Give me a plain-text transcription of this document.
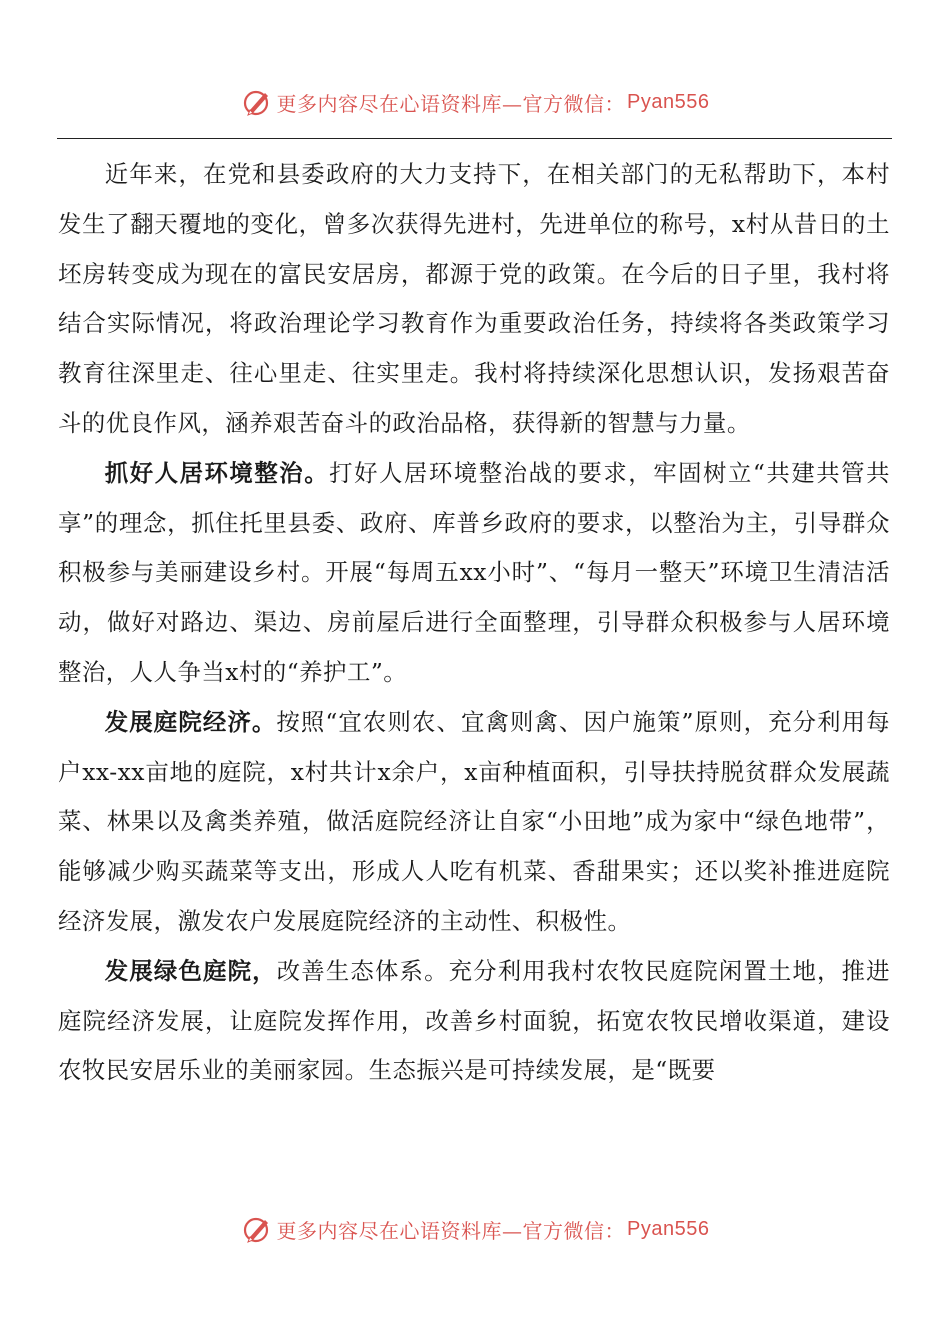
更多内容尽在心语资料库—官方微信： Pyan556

近年来，在党和县委政府的大力支持下，在相关部门的无私帮助下，本村发生了翻天覆地的变化，曾多次获得先进村，先进单位的称号，x村从昔日的土坯房转变成为现在的富民安居房，都源于党的政策。在今后的日子里，我村将结合实际情况，将政治理论学习教育作为重要政治任务，持续将各类政策学习教育往深里走、往心里走、往实里走。我村将持续深化思想认识，发扬艰苦奋斗的优良作风，涵养艰苦奋斗的政治品格，获得新的智慧与力量。

抓好人居环境整治。打好人居环境整治战的要求，牢固树立“共建共管共享”的理念，抓住托里县委、政府、库普乡政府的要求，以整治为主，引导群众积极参与美丽建设乡村。开展“每周五xx小时”、“每月一整天”环境卫生清洁活动，做好对路边、渠边、房前屋后进行全面整理，引导群众积极参与人居环境整治，人人争当x村的“养护工”。

发展庭院经济。按照“宜农则农、宜禽则禽、因户施策”原则，充分利用每户xx-xx亩地的庭院，x村共计x余户，x亩种植面积，引导扶持脱贫群众发展蔬菜、林果以及禽类养殖，做活庭院经济让自家“小田地”成为家中“绿色地带”，能够减少购买蔬菜等支出，形成人人吃有机菜、香甜果实；还以奖补推进庭院经济发展，激发农户发展庭院经济的主动性、积极性。

发展绿色庭院，改善生态体系。充分利用我村农牧民庭院闲置土地，推进庭院经济发展，让庭院发挥作用，改善乡村面貌，拓宽农牧民增收渠道，建设农牧民安居乐业的美丽家园。生态振兴是可持续发展，是“既要

更多内容尽在心语资料库—官方微信： Pyan556
